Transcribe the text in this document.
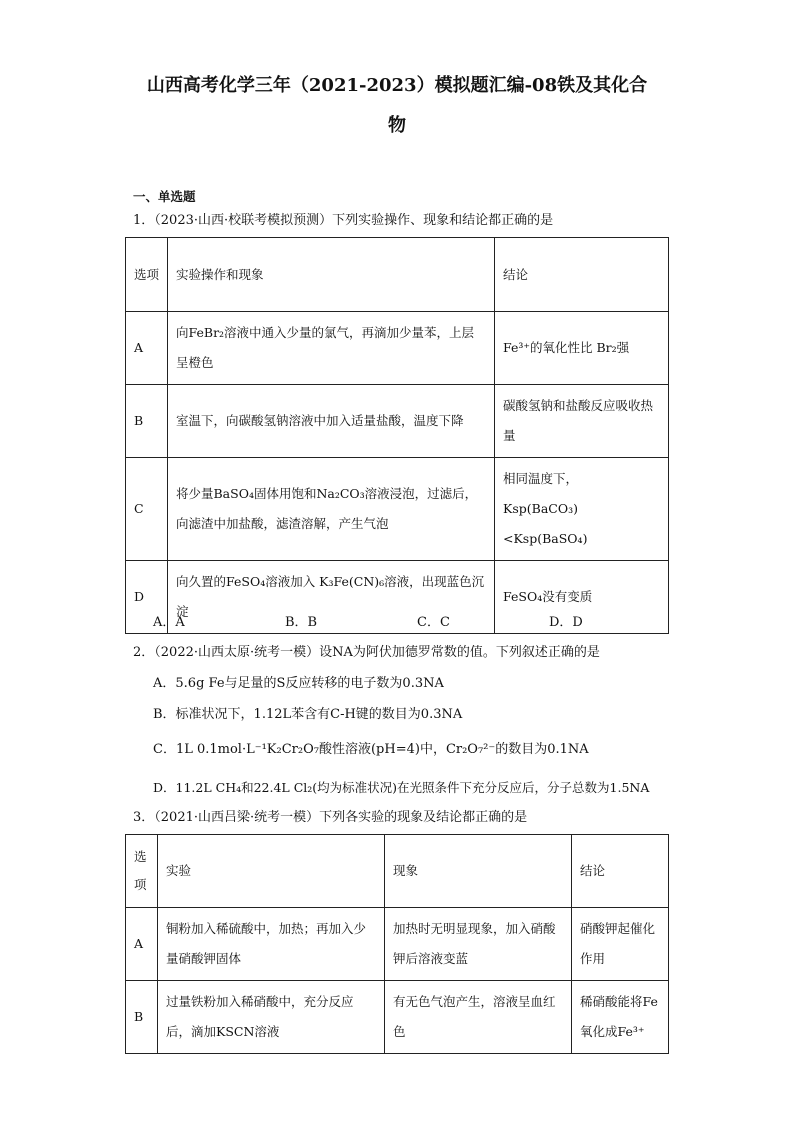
山西高考化学三年（2021-2023）模拟题汇编-08铁及其化合
物
一、单选题
1．（2023·山西·校联考模拟预测）下列实验操作、现象和结论都正确的是
选项	实验操作和现象	结论
A	向FeBr₂溶液中通入少量的氯气，再滴加少量苯，上层呈橙色	Fe³⁺的氧化性比 Br₂强
B	室温下，向碳酸氢钠溶液中加入适量盐酸，温度下降	碳酸氢钠和盐酸反应吸收热量
C	将少量BaSO₄固体用饱和Na₂CO₃溶液浸泡，过滤后，向滤渣中加盐酸，滤渣溶解，产生气泡	相同温度下，
Ksp(BaCO₃)<Ksp(BaSO₄)

D	向久置的FeSO₄溶液加入 K₃Fe(CN)₆溶液，出现蓝色沉淀	FeSO₄没有变质
A．A	B．B	C．C	D．D
2．（2022·山西太原·统考一模）设NA为阿伏加德罗常数的值。下列叙述正确的是
A．5.6g Fe与足量的S反应转移的电子数为0.3NA
B．标准状况下，1.12L苯含有C-H键的数目为0.3NA
C．1L 0.1mol·L⁻¹K₂Cr₂O₇酸性溶液(pH=4)中，Cr₂O₇²⁻的数目为0.1NA
D．11.2L CH₄和22.4L Cl₂(均为标准状况)在光照条件下充分反应后，分子总数为1.5NA
3．（2021·山西吕梁·统考一模）下列各实验的现象及结论都正确的是
选项	实验	现象	结论
A	铜粉加入稀硫酸中，加热；再加入少量硝酸钾固体	加热时无明显现象，加入硝酸钾后溶液变蓝	硝酸钾起催化作用
B	过量铁粉加入稀硝酸中，充分反应后，滴加KSCN溶液	有无色气泡产生，溶液呈血红色	稀硝酸能将Fe氧化成Fe³⁺
